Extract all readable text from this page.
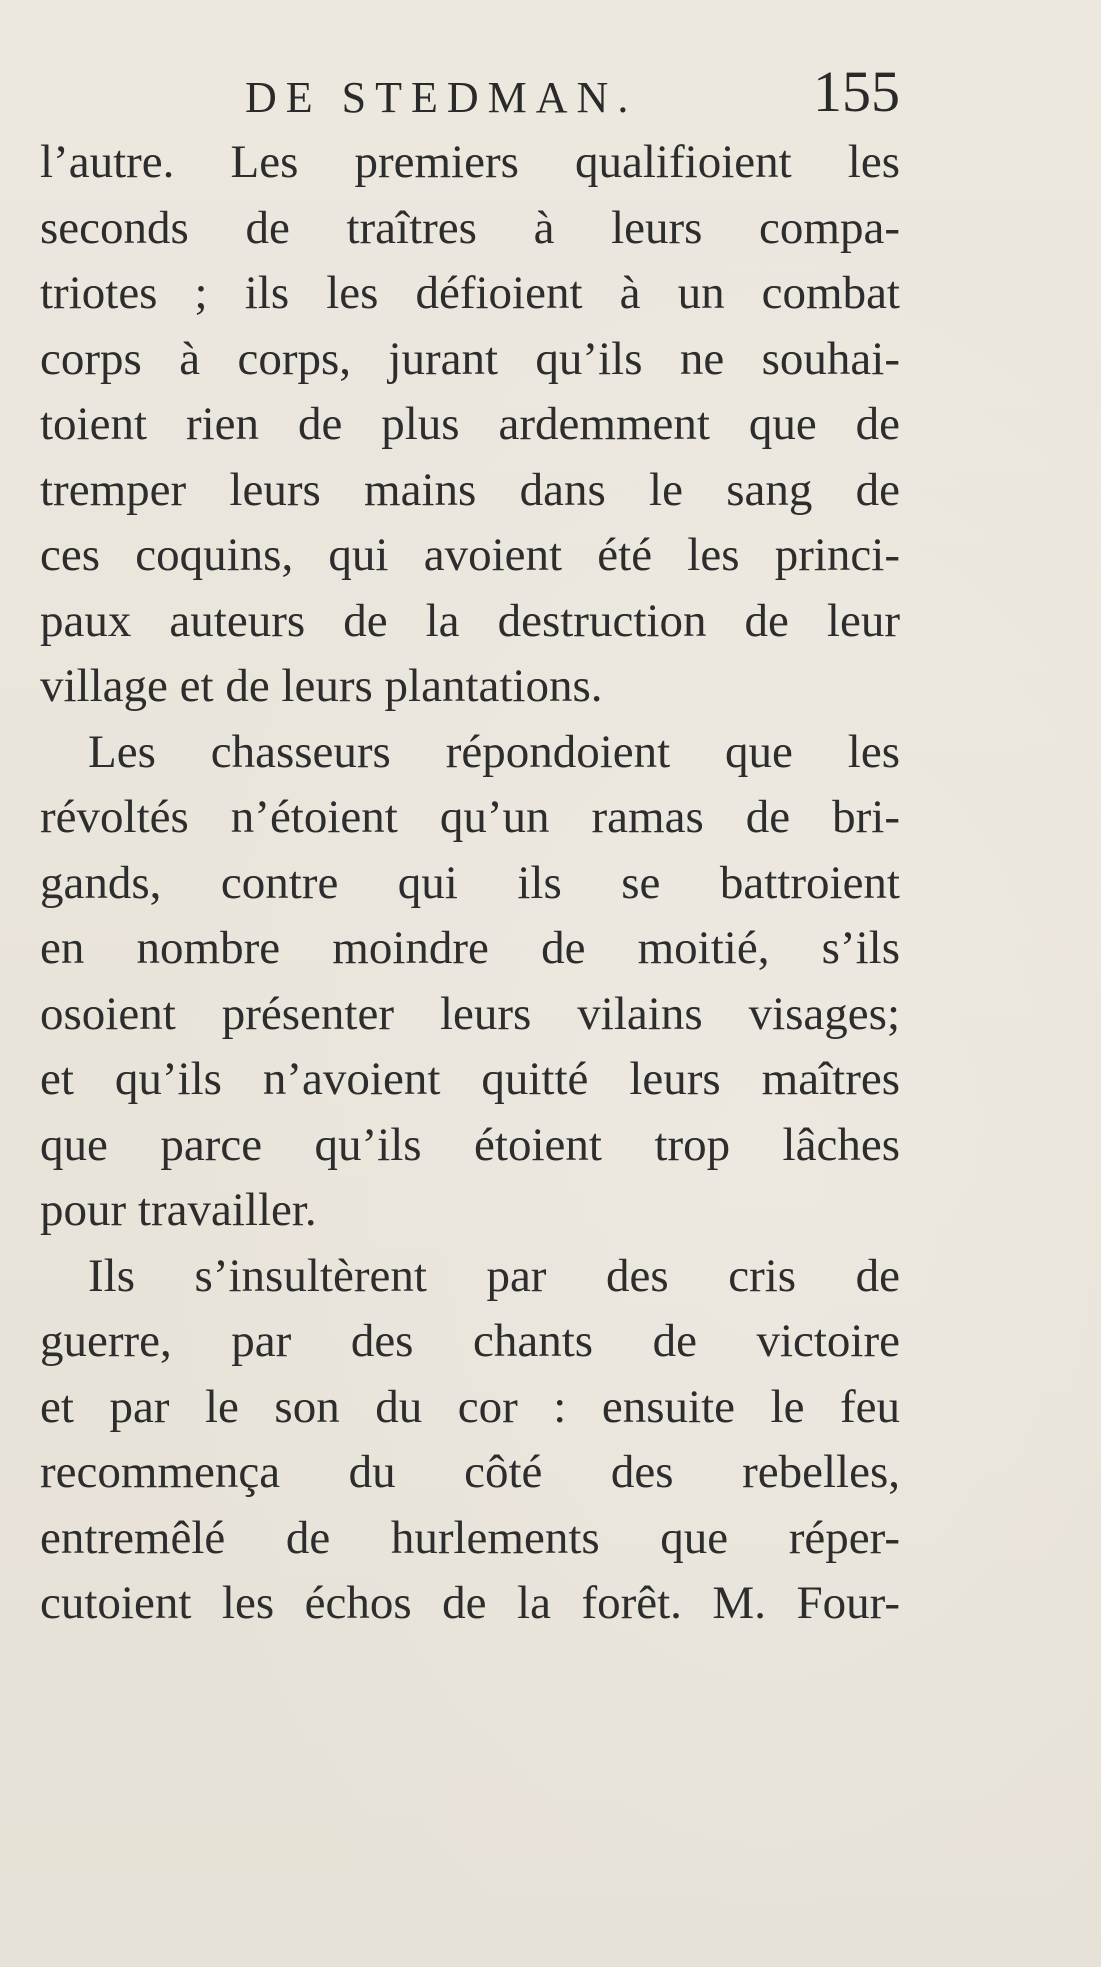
DE STEDMAN.	155
l’autre. Les premiers qualifioient les
seconds de traîtres à leurs compa-
triotes ; ils les défioient à un combat
corps à corps, jurant qu’ils ne souhai-
toient rien de plus ardemment que de
tremper leurs mains dans le sang de
ces coquins, qui avoient été les princi-
paux auteurs de la destruction de leur
village et de leurs plantations.
Les chasseurs répondoient que les
révoltés n’étoient qu’un ramas de bri-
gands, contre qui ils se battroient
en nombre moindre de moitié, s’ils
osoient présenter leurs vilains visages;
et qu’ils n’avoient quitté leurs maîtres
que parce qu’ils étoient trop lâches
pour travailler.
Ils s’insultèrent par des cris de
guerre, par des chants de victoire
et par le son du cor : ensuite le feu
recommença du côté des rebelles,
entremêlé de hurlements que réper-
cutoient les échos de la forêt. M. Four-
